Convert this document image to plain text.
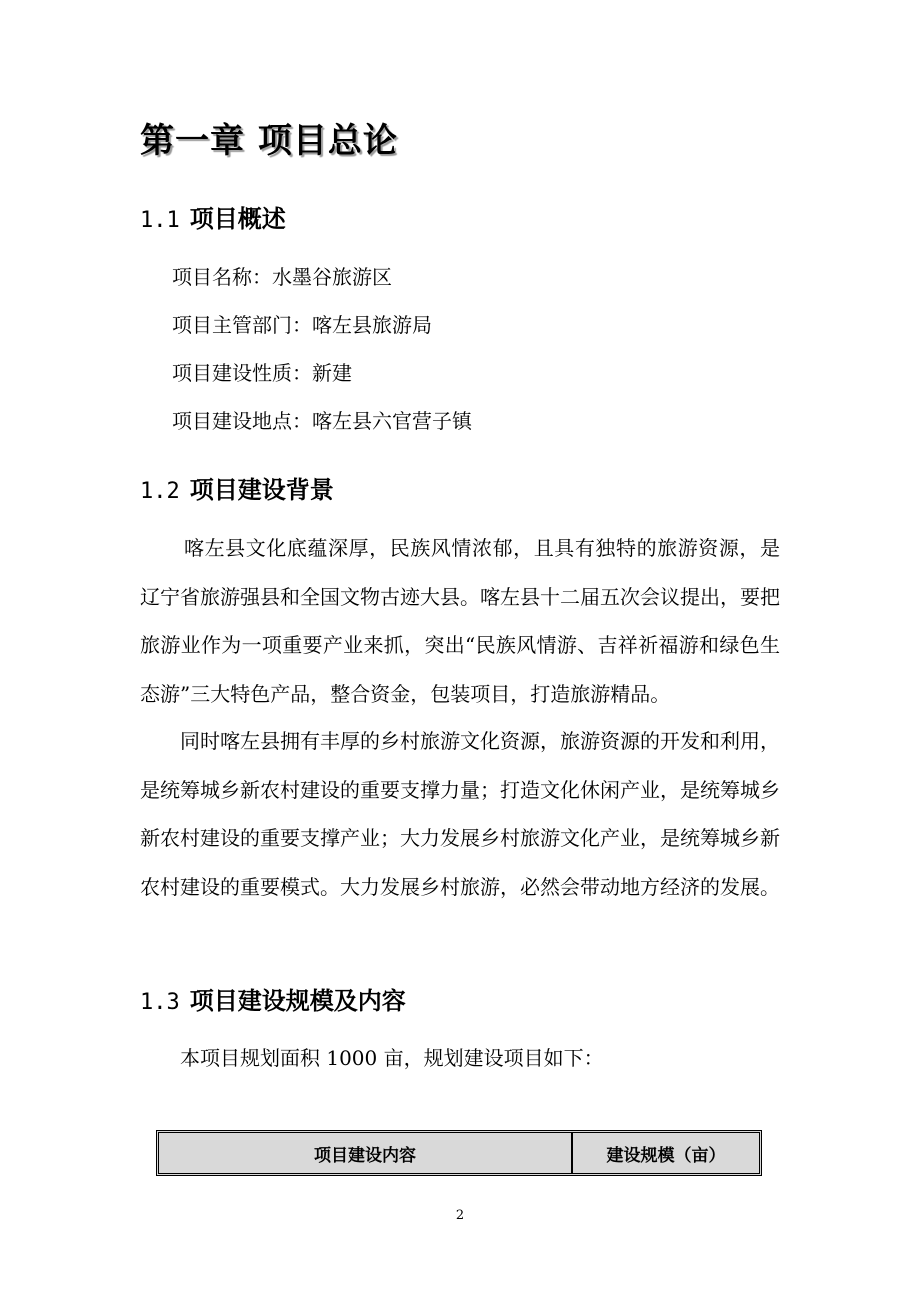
第一章 项目总论
1.1 项目概述
项目名称：水墨谷旅游区
项目主管部门：喀左县旅游局
项目建设性质：新建
项目建设地点：喀左县六官营子镇
1.2 项目建设背景

喀左县文化底蕴深厚，民族风情浓郁，且具有独特的旅游资源，是辽宁省旅游强县和全国文物古迹大县。喀左县十二届五次会议提出，要把旅游业作为一项重要产业来抓，突出“民族风情游、吉祥祈福游和绿色生态游”三大特色产品，整合资金，包装项目，打造旅游精品。

同时喀左县拥有丰厚的乡村旅游文化资源，旅游资源的开发和利用，是统筹城乡新农村建设的重要支撑力量；打造文化休闲产业，是统筹城乡新农村建设的重要支撑产业；大力发展乡村旅游文化产业，是统筹城乡新农村建设的重要模式。大力发展乡村旅游，必然会带动地方经济的发展。

1.3 项目建设规模及内容

本项目规划面积 1000 亩，规划建设项目如下：

项目建设内容	建设规模（亩）
2
